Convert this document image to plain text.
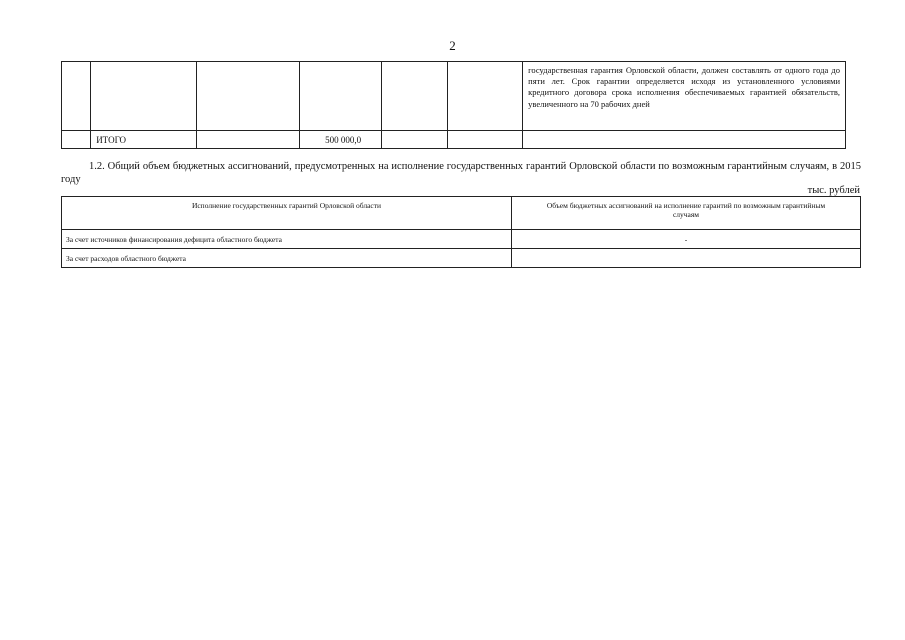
2
						государственная гарантия Орловской области, должен составлять от одного года до пяти лет. Срок гарантии определяется исходя из установленного условиями кредитного договора срока исполнения обеспечиваемых гарантией обязательств, увеличенного на 70 рабочих дней
	ИТОГО		500 000,0			
1.2. Общий объем бюджетных ассигнований, предусмотренных на исполнение государственных гарантий Орловской области по возможным гарантийным случаям, в 2015 году
тыс. рублей
Исполнение государственных гарантий Орловской области	Объем бюджетных ассигнований на исполнение гарантий по возможным гарантийным случаям
За счет источников финансирования дефицита областного бюджета	-
За счет расходов областного бюджета	
